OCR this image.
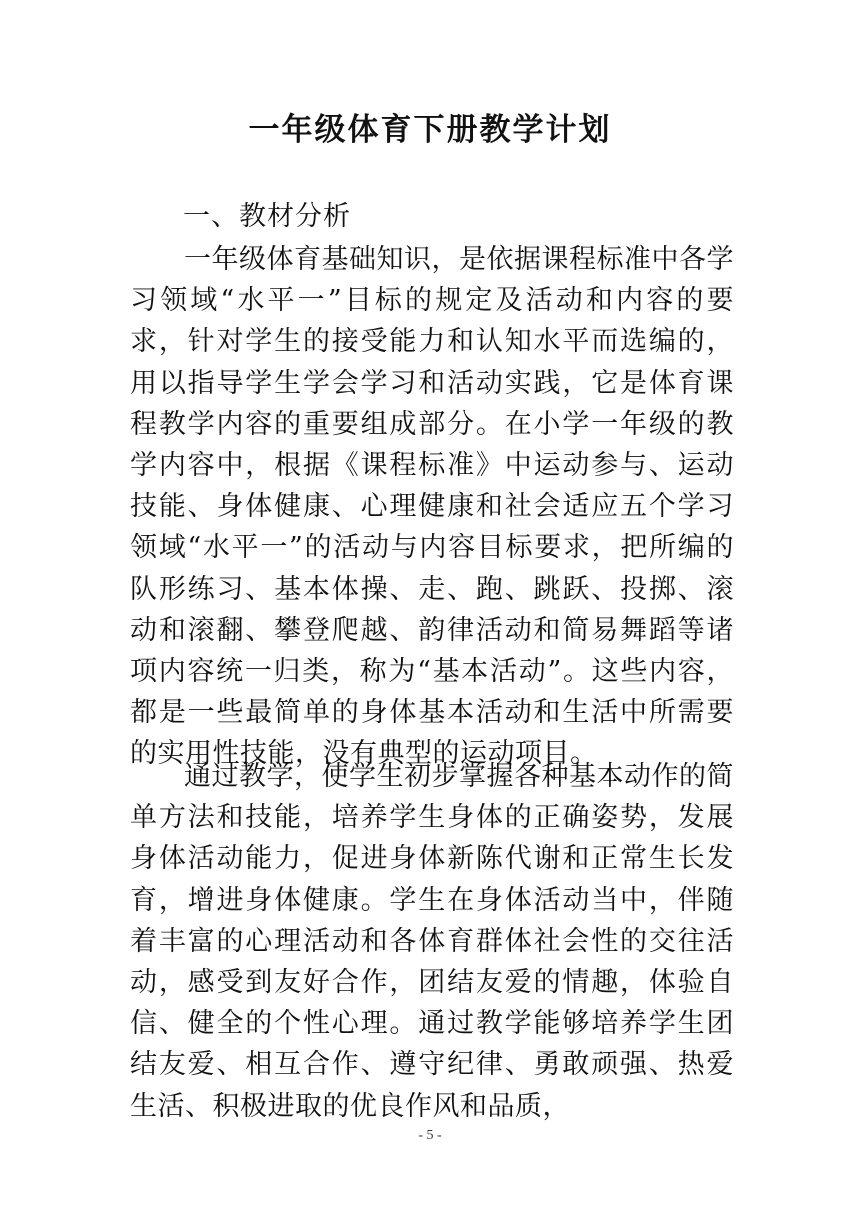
一年级体育下册教学计划
一、教材分析
一年级体育基础知识，是依据课程标准中各学习领域“水平一”目标的规定及活动和内容的要求，针对学生的接受能力和认知水平而选编的，用以指导学生学会学习和活动实践，它是体育课程教学内容的重要组成部分。在小学一年级的教学内容中，根据《课程标准》中运动参与、运动技能、身体健康、心理健康和社会适应五个学习领域“水平一”的活动与内容目标要求，把所编的队形练习、基本体操、走、跑、跳跃、投掷、滚动和滚翻、攀登爬越、韵律活动和简易舞蹈等诸项内容统一归类，称为“基本活动”。这些内容，都是一些最简单的身体基本活动和生活中所需要的实用性技能，没有典型的运动项目。
通过教学，使学生初步掌握各种基本动作的简单方法和技能，培养学生身体的正确姿势，发展身体活动能力，促进身体新陈代谢和正常生长发育，增进身体健康。学生在身体活动当中，伴随着丰富的心理活动和各体育群体社会性的交往活动，感受到友好合作，团结友爱的情趣，体验自信、健全的个性心理。通过教学能够培养学生团结友爱、相互合作、遵守纪律、勇敢顽强、热爱生活、积极进取的优良作风和品质，
- 5 -
